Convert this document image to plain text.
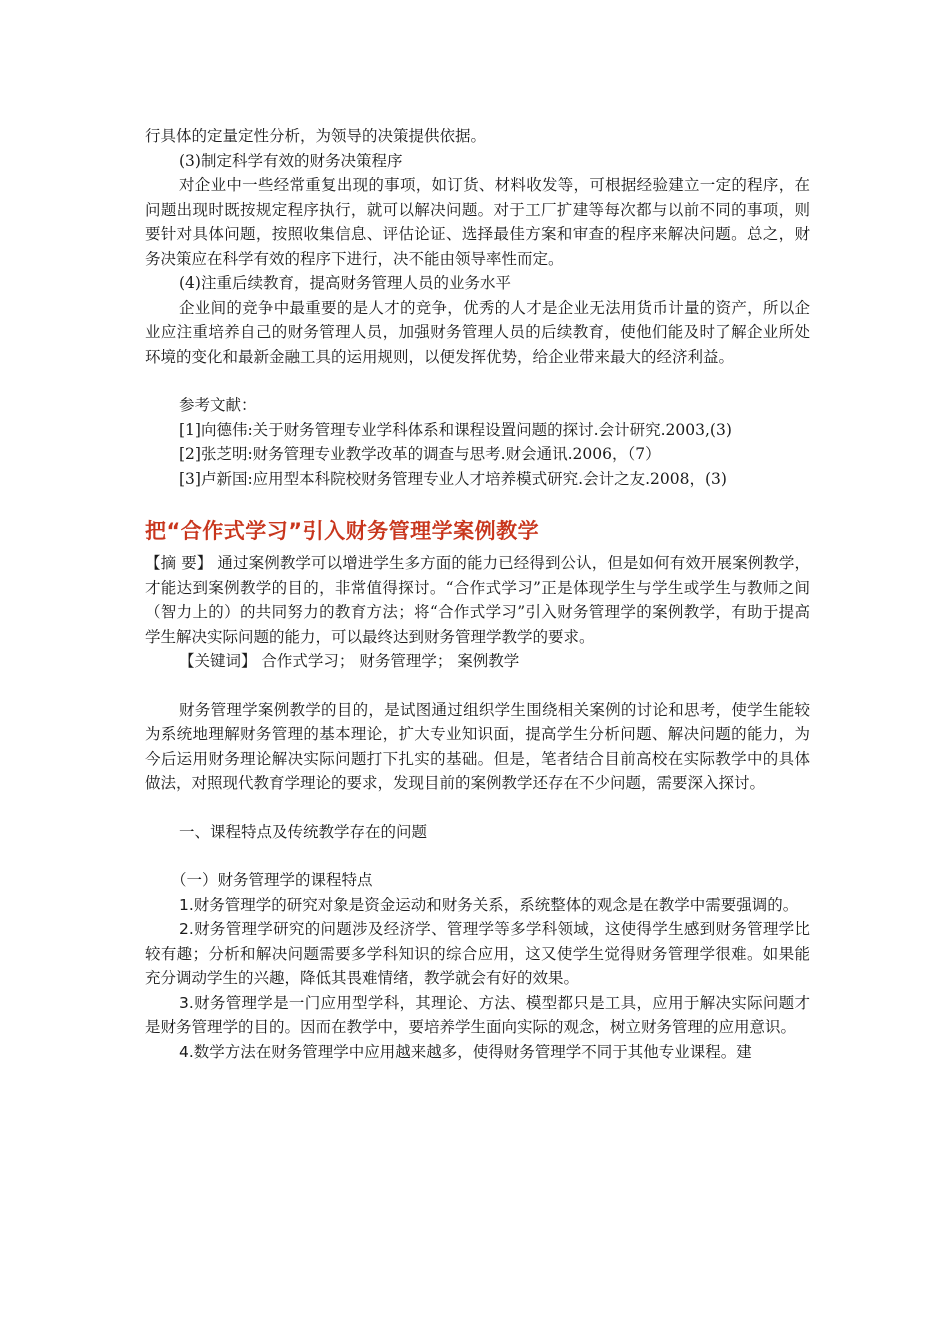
行具体的定量定性分析，为领导的决策提供依据。

(3)制定科学有效的财务决策程序

对企业中一些经常重复出现的事项，如订货、材料收发等，可根据经验建立一定的程序，在问题出现时既按规定程序执行，就可以解决问题。对于工厂扩建等每次都与以前不同的事项，则要针对具体问题，按照收集信息、评估论证、选择最佳方案和审查的程序来解决问题。总之，财务决策应在科学有效的程序下进行，决不能由领导率性而定。

(4)注重后续教育，提高财务管理人员的业务水平

企业间的竞争中最重要的是人才的竞争，优秀的人才是企业无法用货币计量的资产，所以企业应注重培养自己的财务管理人员，加强财务管理人员的后续教育，使他们能及时了解企业所处环境的变化和最新金融工具的运用规则，以便发挥优势，给企业带来最大的经济利益。

参考文献：

[1]向德伟:关于财务管理专业学科体系和课程设置问题的探讨.会计研究.2003,(3)

[2]张芝明:财务管理专业教学改革的调查与思考.财会通讯.2006，（7）

[3]卢新国:应用型本科院校财务管理专业人才培养模式研究.会计之友.2008，(3)

把“合作式学习”引入财务管理学案例教学

【摘 要】 通过案例教学可以增进学生多方面的能力已经得到公认，但是如何有效开展案例教学，才能达到案例教学的目的，非常值得探讨。“合作式学习”正是体现学生与学生或学生与教师之间（智力上的）的共同努力的教育方法；将“合作式学习”引入财务管理学的案例教学，有助于提高学生解决实际问题的能力，可以最终达到财务管理学教学的要求。

【关键词】 合作式学习； 财务管理学； 案例教学

财务管理学案例教学的目的，是试图通过组织学生围绕相关案例的讨论和思考，使学生能较为系统地理解财务管理的基本理论，扩大专业知识面，提高学生分析问题、解决问题的能力，为今后运用财务理论解决实际问题打下扎实的基础。但是，笔者结合目前高校在实际教学中的具体做法，对照现代教育学理论的要求，发现目前的案例教学还存在不少问题，需要深入探讨。

一、课程特点及传统教学存在的问题

（一）财务管理学的课程特点

1.财务管理学的研究对象是资金运动和财务关系，系统整体的观念是在教学中需要强调的。

2.财务管理学研究的问题涉及经济学、管理学等多学科领域，这使得学生感到财务管理学比较有趣；分析和解决问题需要多学科知识的综合应用，这又使学生觉得财务管理学很难。如果能充分调动学生的兴趣，降低其畏难情绪，教学就会有好的效果。

3.财务管理学是一门应用型学科，其理论、方法、模型都只是工具，应用于解决实际问题才是财务管理学的目的。因而在教学中，要培养学生面向实际的观念，树立财务管理的应用意识。

4.数学方法在财务管理学中应用越来越多，使得财务管理学不同于其他专业课程。建
